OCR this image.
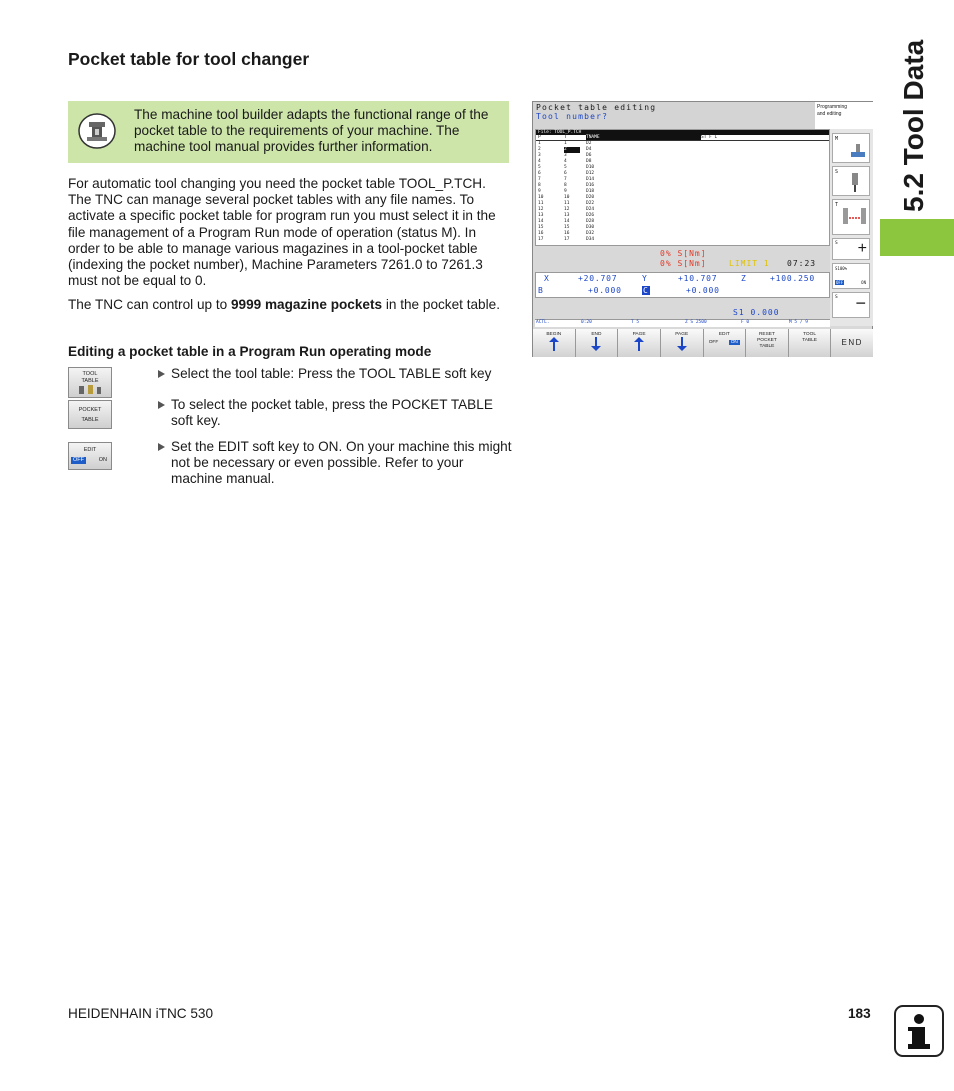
Pocket table for tool changer
The machine tool builder adapts the functional range of the pocket table to the requirements of your machine. The machine tool manual provides further information.

For automatic tool changing you need the pocket table TOOL_P.TCH. The TNC can manage several pocket tables with any file names. To activate a specific pocket table for program run you must select it in the file management of a Program Run mode of operation (status M). In order to be able to manage various magazines in a tool-pocket table (indexing the pocket number), Machine Parameters 7261.0 to 7261.3 must not be equal to 0.

The TNC can control up to 9999 magazine pockets in the pocket table.

Editing a pocket table in a Program Run operating mode
TOOL
TABLE
POCKET
TABLE
EDIT
OFF	ON
Select the tool table: Press the TOOL TABLE soft key
To select the pocket table, press the POCKET TABLE soft key.
Set the EDIT soft key to ON. On your machine this might not be necessary or even possible. Refer to your machine manual.
Pocket table editing
Tool number?
Programming
and editing
File: TOOL_P.TCH
P	T	TNAME	ST F L
1	1	D2
2	2	D4
3	3	D6
4	4	D8
5	5	D10
6	6	D12
7	7	D14
8	8	D16
9	9	D18
10	10	D20
11	11	D22
12	12	D24
13	13	D26
14	14	D28
15	15	D30
16	16	D32
17	17	D34
M
S
T
S +
S100%
OFF	ON
S −
0% S[Nm]
0% S[Nm]	LIMIT 1 07:23
X	+20.707	Y	+10.707	Z	+100.250
B	+0.000	C	+0.000
S1 0.000
ACTL.	0:20	T 5	Z S 2500	F 0	M 5 / 9
BEGIN	END	PAGE	PAGE	EDIT
OFF	ON
RESET POCKET TABLE
TOOL TABLE	END
5.2 Tool Data
HEIDENHAIN iTNC 530	183
